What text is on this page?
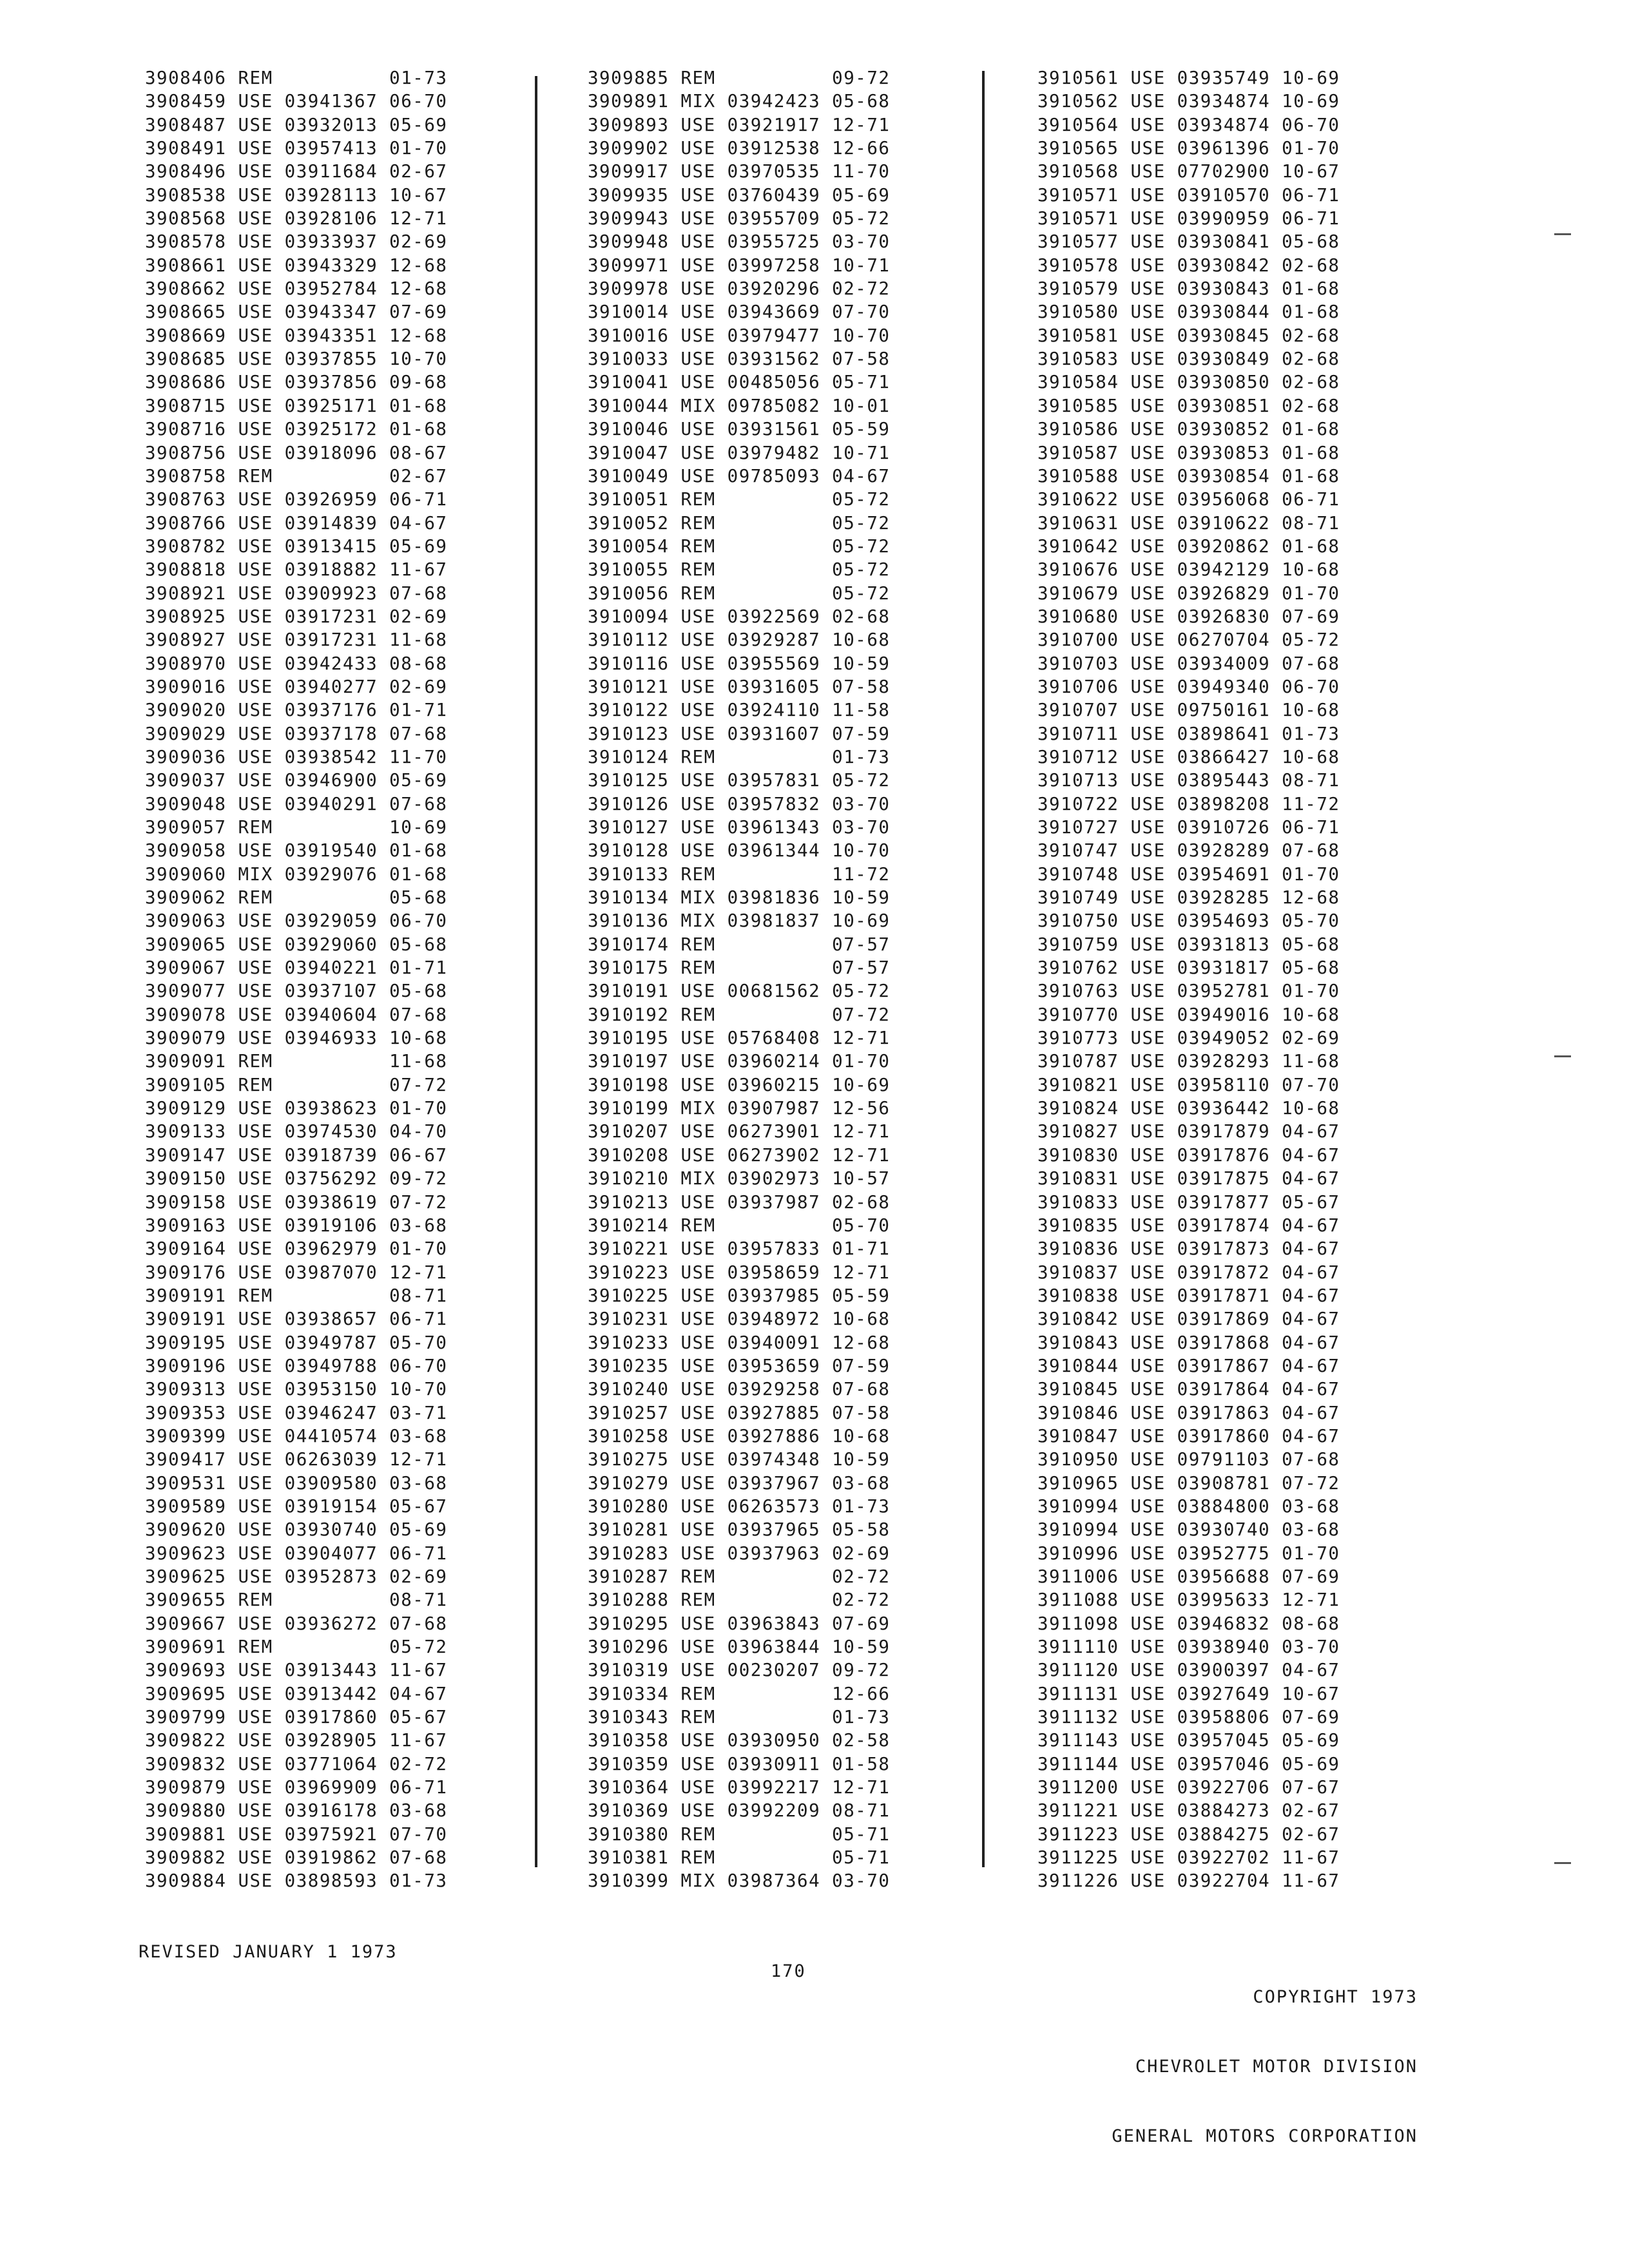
3908406 REM          01-73
3908459 USE 03941367 06-70
3908487 USE 03932013 05-69
3908491 USE 03957413 01-70
3908496 USE 03911684 02-67
3908538 USE 03928113 10-67
3908568 USE 03928106 12-71
3908578 USE 03933937 02-69
3908661 USE 03943329 12-68
3908662 USE 03952784 12-68
3908665 USE 03943347 07-69
3908669 USE 03943351 12-68
3908685 USE 03937855 10-70
3908686 USE 03937856 09-68
3908715 USE 03925171 01-68
3908716 USE 03925172 01-68
3908756 USE 03918096 08-67
3908758 REM          02-67
3908763 USE 03926959 06-71
3908766 USE 03914839 04-67
3908782 USE 03913415 05-69
3908818 USE 03918882 11-67
3908921 USE 03909923 07-68
3908925 USE 03917231 02-69
3908927 USE 03917231 11-68
3908970 USE 03942433 08-68
3909016 USE 03940277 02-69
3909020 USE 03937176 01-71
3909029 USE 03937178 07-68
3909036 USE 03938542 11-70
3909037 USE 03946900 05-69
3909048 USE 03940291 07-68
3909057 REM          10-69
3909058 USE 03919540 01-68
3909060 MIX 03929076 01-68
3909062 REM          05-68
3909063 USE 03929059 06-70
3909065 USE 03929060 05-68
3909067 USE 03940221 01-71
3909077 USE 03937107 05-68
3909078 USE 03940604 07-68
3909079 USE 03946933 10-68
3909091 REM          11-68
3909105 REM          07-72
3909129 USE 03938623 01-70
3909133 USE 03974530 04-70
3909147 USE 03918739 06-67
3909150 USE 03756292 09-72
3909158 USE 03938619 07-72
3909163 USE 03919106 03-68
3909164 USE 03962979 01-70
3909176 USE 03987070 12-71
3909191 REM          08-71
3909191 USE 03938657 06-71
3909195 USE 03949787 05-70
3909196 USE 03949788 06-70
3909313 USE 03953150 10-70
3909353 USE 03946247 03-71
3909399 USE 04410574 03-68
3909417 USE 06263039 12-71
3909531 USE 03909580 03-68
3909589 USE 03919154 05-67
3909620 USE 03930740 05-69
3909623 USE 03904077 06-71
3909625 USE 03952873 02-69
3909655 REM          08-71
3909667 USE 03936272 07-68
3909691 REM          05-72
3909693 USE 03913443 11-67
3909695 USE 03913442 04-67
3909799 USE 03917860 05-67
3909822 USE 03928905 11-67
3909832 USE 03771064 02-72
3909879 USE 03969909 06-71
3909880 USE 03916178 03-68
3909881 USE 03975921 07-70
3909882 USE 03919862 07-68
3909884 USE 03898593 01-73
3909885 REM          09-72
3909891 MIX 03942423 05-68
3909893 USE 03921917 12-71
3909902 USE 03912538 12-66
3909917 USE 03970535 11-70
3909935 USE 03760439 05-69
3909943 USE 03955709 05-72
3909948 USE 03955725 03-70
3909971 USE 03997258 10-71
3909978 USE 03920296 02-72
3910014 USE 03943669 07-70
3910016 USE 03979477 10-70
3910033 USE 03931562 07-58
3910041 USE 00485056 05-71
3910044 MIX 09785082 10-01
3910046 USE 03931561 05-59
3910047 USE 03979482 10-71
3910049 USE 09785093 04-67
3910051 REM          05-72
3910052 REM          05-72
3910054 REM          05-72
3910055 REM          05-72
3910056 REM          05-72
3910094 USE 03922569 02-68
3910112 USE 03929287 10-68
3910116 USE 03955569 10-59
3910121 USE 03931605 07-58
3910122 USE 03924110 11-58
3910123 USE 03931607 07-59
3910124 REM          01-73
3910125 USE 03957831 05-72
3910126 USE 03957832 03-70
3910127 USE 03961343 03-70
3910128 USE 03961344 10-70
3910133 REM          11-72
3910134 MIX 03981836 10-59
3910136 MIX 03981837 10-69
3910174 REM          07-57
3910175 REM          07-57
3910191 USE 00681562 05-72
3910192 REM          07-72
3910195 USE 05768408 12-71
3910197 USE 03960214 01-70
3910198 USE 03960215 10-69
3910199 MIX 03907987 12-56
3910207 USE 06273901 12-71
3910208 USE 06273902 12-71
3910210 MIX 03902973 10-57
3910213 USE 03937987 02-68
3910214 REM          05-70
3910221 USE 03957833 01-71
3910223 USE 03958659 12-71
3910225 USE 03937985 05-59
3910231 USE 03948972 10-68
3910233 USE 03940091 12-68
3910235 USE 03953659 07-59
3910240 USE 03929258 07-68
3910257 USE 03927885 07-58
3910258 USE 03927886 10-68
3910275 USE 03974348 10-59
3910279 USE 03937967 03-68
3910280 USE 06263573 01-73
3910281 USE 03937965 05-58
3910283 USE 03937963 02-69
3910287 REM          02-72
3910288 REM          02-72
3910295 USE 03963843 07-69
3910296 USE 03963844 10-59
3910319 USE 00230207 09-72
3910334 REM          12-66
3910343 REM          01-73
3910358 USE 03930950 02-58
3910359 USE 03930911 01-58
3910364 USE 03992217 12-71
3910369 USE 03992209 08-71
3910380 REM          05-71
3910381 REM          05-71
3910399 MIX 03987364 03-70
3910561 USE 03935749 10-69
3910562 USE 03934874 10-69
3910564 USE 03934874 06-70
3910565 USE 03961396 01-70
3910568 USE 07702900 10-67
3910571 USE 03910570 06-71
3910571 USE 03990959 06-71
3910577 USE 03930841 05-68
3910578 USE 03930842 02-68
3910579 USE 03930843 01-68
3910580 USE 03930844 01-68
3910581 USE 03930845 02-68
3910583 USE 03930849 02-68
3910584 USE 03930850 02-68
3910585 USE 03930851 02-68
3910586 USE 03930852 01-68
3910587 USE 03930853 01-68
3910588 USE 03930854 01-68
3910622 USE 03956068 06-71
3910631 USE 03910622 08-71
3910642 USE 03920862 01-68
3910676 USE 03942129 10-68
3910679 USE 03926829 01-70
3910680 USE 03926830 07-69
3910700 USE 06270704 05-72
3910703 USE 03934009 07-68
3910706 USE 03949340 06-70
3910707 USE 09750161 10-68
3910711 USE 03898641 01-73
3910712 USE 03866427 10-68
3910713 USE 03895443 08-71
3910722 USE 03898208 11-72
3910727 USE 03910726 06-71
3910747 USE 03928289 07-68
3910748 USE 03954691 01-70
3910749 USE 03928285 12-68
3910750 USE 03954693 05-70
3910759 USE 03931813 05-68
3910762 USE 03931817 05-68
3910763 USE 03952781 01-70
3910770 USE 03949016 10-68
3910773 USE 03949052 02-69
3910787 USE 03928293 11-68
3910821 USE 03958110 07-70
3910824 USE 03936442 10-68
3910827 USE 03917879 04-67
3910830 USE 03917876 04-67
3910831 USE 03917875 04-67
3910833 USE 03917877 05-67
3910835 USE 03917874 04-67
3910836 USE 03917873 04-67
3910837 USE 03917872 04-67
3910838 USE 03917871 04-67
3910842 USE 03917869 04-67
3910843 USE 03917868 04-67
3910844 USE 03917867 04-67
3910845 USE 03917864 04-67
3910846 USE 03917863 04-67
3910847 USE 03917860 04-67
3910950 USE 09791103 07-68
3910965 USE 03908781 07-72
3910994 USE 03884800 03-68
3910994 USE 03930740 03-68
3910996 USE 03952775 01-70
3911006 USE 03956688 07-69
3911088 USE 03995633 12-71
3911098 USE 03946832 08-68
3911110 USE 03938940 03-70
3911120 USE 03900397 04-67
3911131 USE 03927649 10-67
3911132 USE 03958806 07-69
3911143 USE 03957045 05-69
3911144 USE 03957046 05-69
3911200 USE 03922706 07-67
3911221 USE 03884273 02-67
3911223 USE 03884275 02-67
3911225 USE 03922702 11-67
3911226 USE 03922704 11-67
REVISED JANUARY 1 1973
170

COPYRIGHT 1973

CHEVROLET MOTOR DIVISION

GENERAL MOTORS CORPORATION
